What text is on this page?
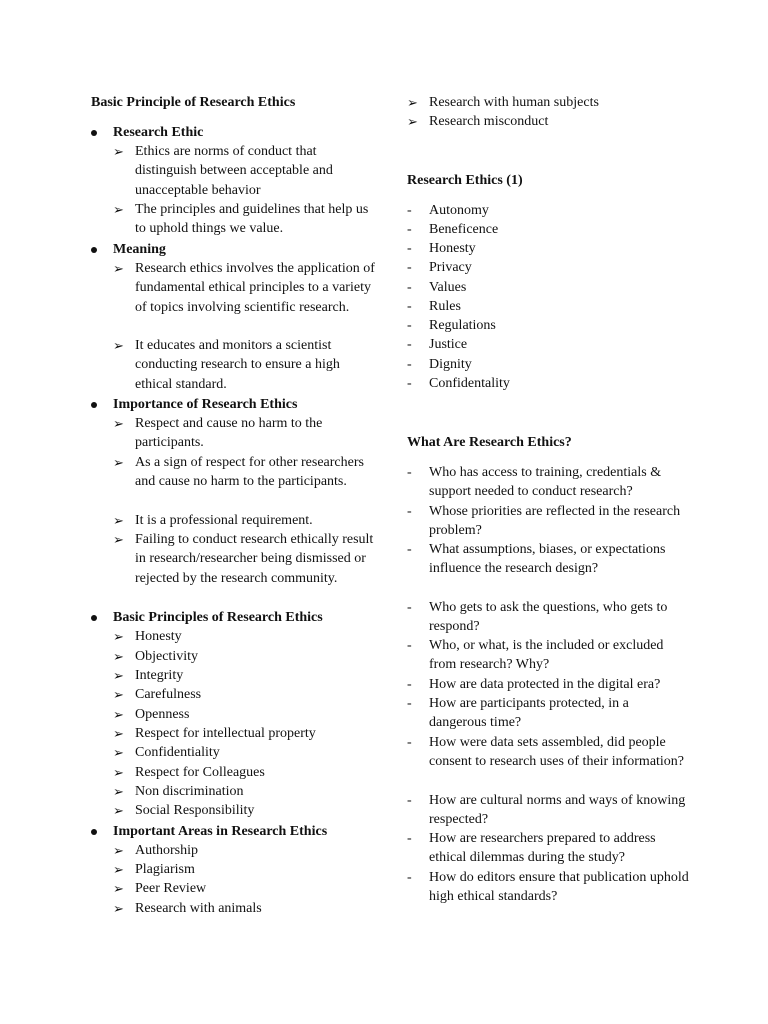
Basic Principle of Research Ethics
Research Ethic
➢ Ethics are norms of conduct that distinguish between acceptable and unacceptable behavior
➢ The principles and guidelines that help us to uphold things we value.
Meaning
➢ Research ethics involves the application of fundamental ethical principles to a variety of topics involving scientific research.
➢ It educates and monitors a scientist conducting research to ensure a high ethical standard.
Importance of Research Ethics
➢ Respect and cause no harm to the participants.
➢ As a sign of respect for other researchers and cause no harm to the participants.
➢ It is a professional requirement.
➢ Failing to conduct research ethically result in research/researcher being dismissed or rejected by the research community.
Basic Principles of Research Ethics
➢ Honesty
➢ Objectivity
➢ Integrity
➢ Carefulness
➢ Openness
➢ Respect for intellectual property
➢ Confidentiality
➢ Respect for Colleagues
➢ Non discrimination
➢ Social Responsibility
Important Areas in Research Ethics
➢ Authorship
➢ Plagiarism
➢ Peer Review
➢ Research with animals
➢ Research with human subjects
➢ Research misconduct
Research Ethics (1)
- Autonomy
- Beneficence
- Honesty
- Privacy
- Values
- Rules
- Regulations
- Justice
- Dignity
- Confidentality
What Are Research Ethics?
- Who has access to training, credentials & support needed to conduct research?
- Whose priorities are reflected in the research problem?
- What assumptions, biases, or expectations influence the research design?
- Who gets to ask the questions, who gets to respond?
- Who, or what, is the included or excluded from research? Why?
- How are data protected in the digital era?
- How are participants protected, in a dangerous time?
- How were data sets assembled, did people consent to research uses of their information?
- How are cultural norms and ways of knowing respected?
- How are researchers prepared to address ethical dilemmas during the study?
- How do editors ensure that publication uphold high ethical standards?
